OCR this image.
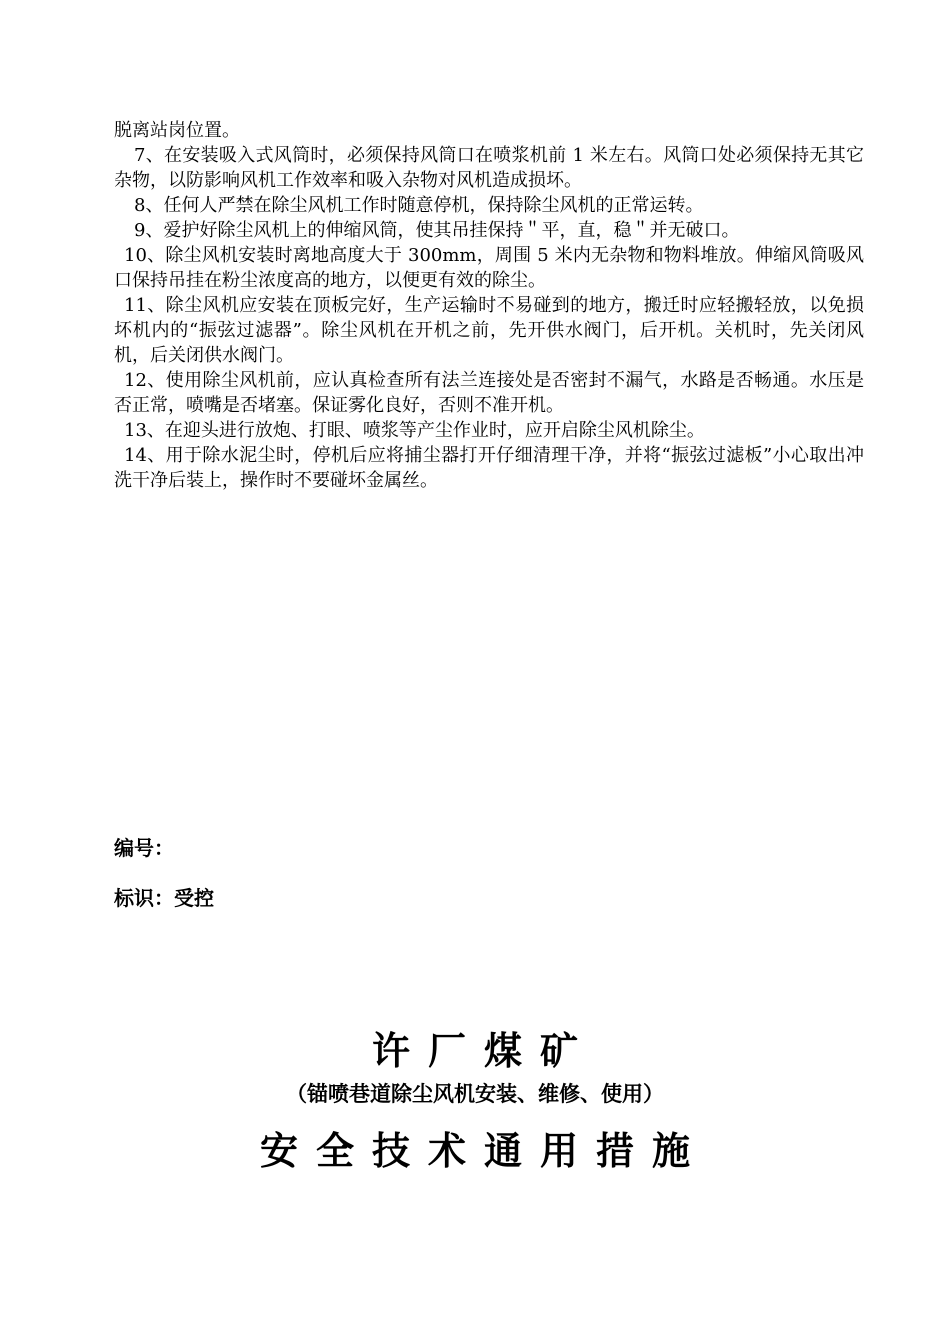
脱离站岗位置。

7、在安装吸入式风筒时，必须保持风筒口在喷浆机前 1 米左右。风筒口处必须保持无其它杂物，以防影响风机工作效率和吸入杂物对风机造成损坏。

8、任何人严禁在除尘风机工作时随意停机，保持除尘风机的正常运转。

9、爱护好除尘风机上的伸缩风筒，使其吊挂保持＂平，直，稳＂并无破口。

10、除尘风机安装时离地高度大于 300mm，周围 5 米内无杂物和物料堆放。伸缩风筒吸风口保持吊挂在粉尘浓度高的地方，以便更有效的除尘。

11、除尘风机应安装在顶板完好，生产运输时不易碰到的地方，搬迁时应轻搬轻放，以免损坏机内的“振弦过滤器”。除尘风机在开机之前，先开供水阀门，后开机。关机时，先关闭风机，后关闭供水阀门。

12、使用除尘风机前，应认真检查所有法兰连接处是否密封不漏气，水路是否畅通。水压是否正常，喷嘴是否堵塞。保证雾化良好，否则不准开机。

13、在迎头进行放炮、打眼、喷浆等产尘作业时，应开启除尘风机除尘。

14、用于除水泥尘时，停机后应将捕尘器打开仔细清理干净，并将“振弦过滤板”小心取出冲洗干净后装上，操作时不要碰坏金属丝。

编号：

标识：受控

许厂煤矿
（锚喷巷道除尘风机安装、维修、使用）
安全技术通用措施
